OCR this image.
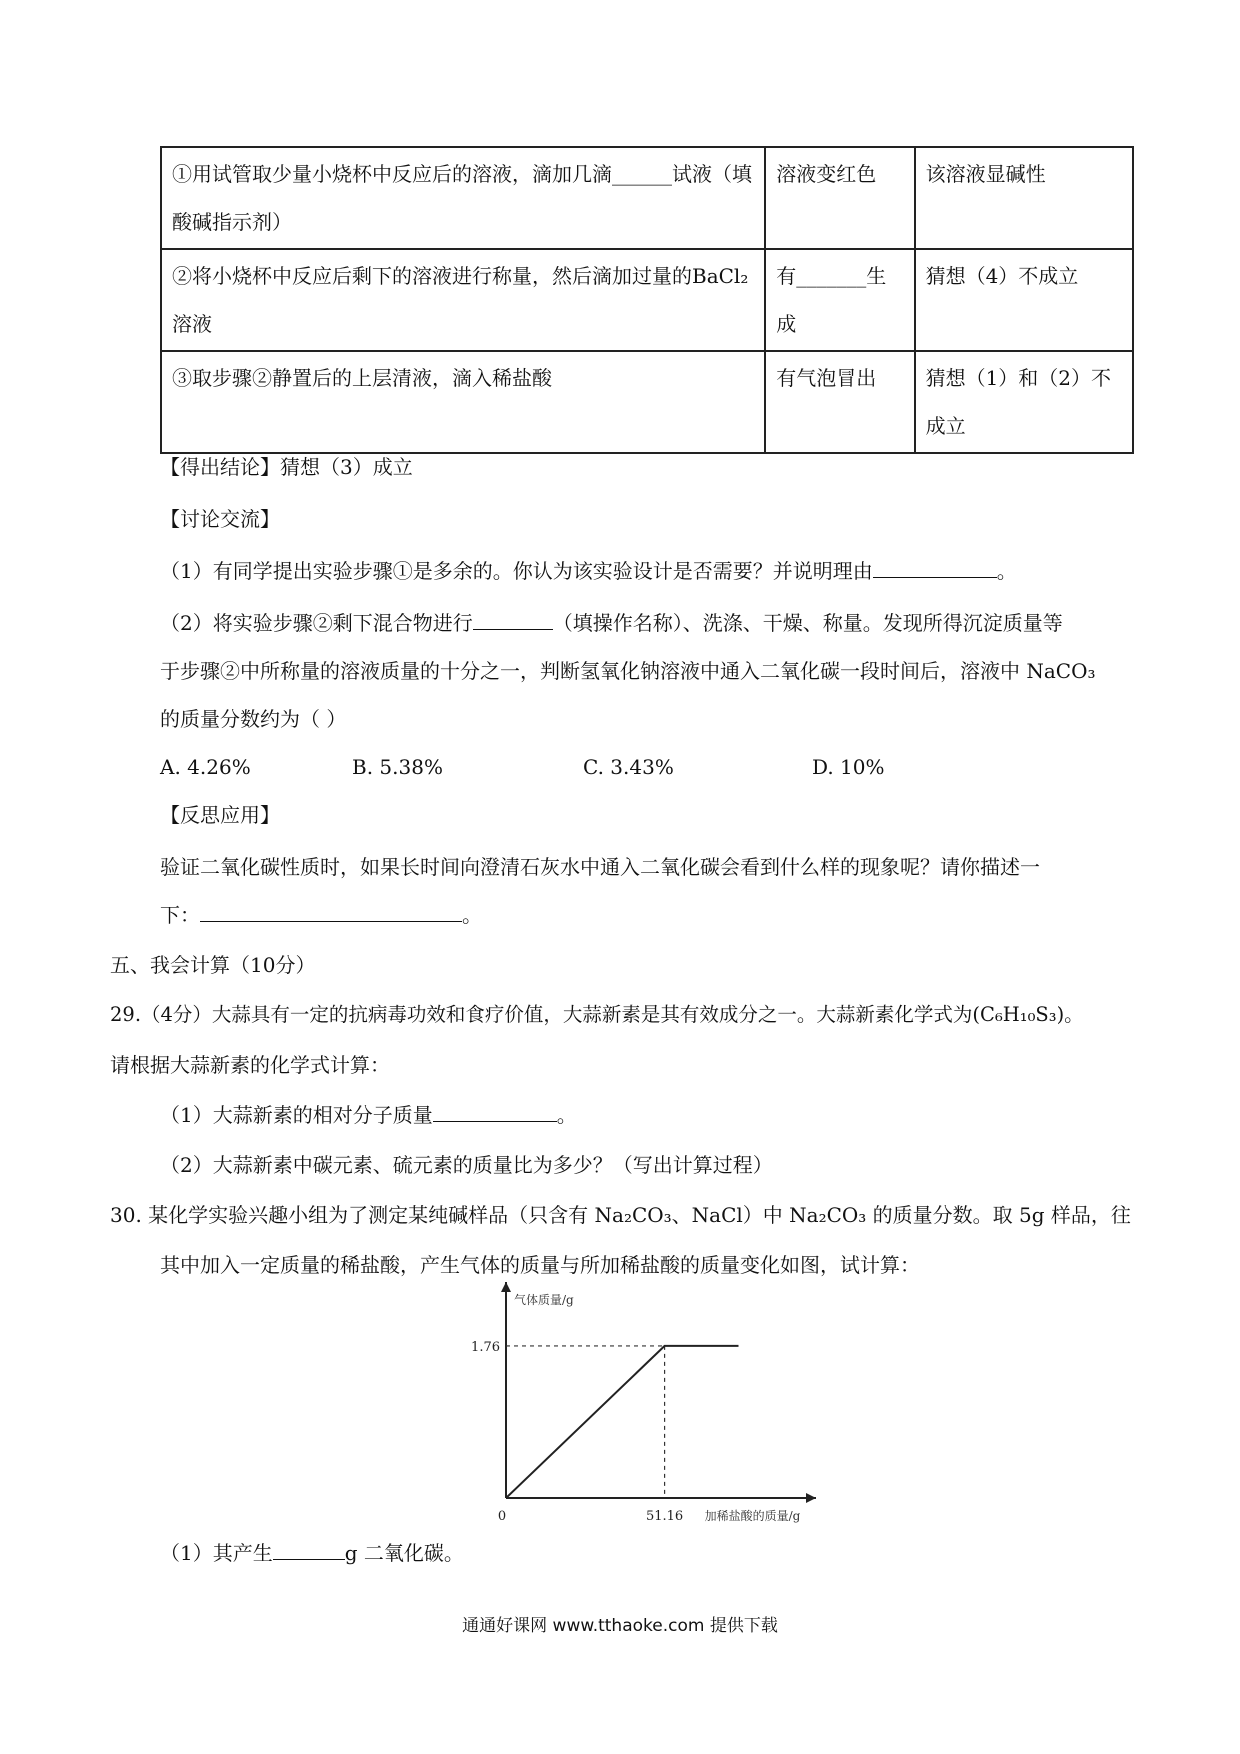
①用试管取少量小烧杯中反应后的溶液，滴加几滴______试液（填酸碱指示剂）	溶液变红色	该溶液显碱性
②将小烧杯中反应后剩下的溶液进行称量，然后滴加过量的BaCl₂溶液	有_______生成	猜想（4）不成立
③取步骤②静置后的上层清液，滴入稀盐酸	有气泡冒出	猜想（1）和（2）不成立
【得出结论】猜想（3）成立
【讨论交流】
（1）有同学提出实验步骤①是多余的。你认为该实验设计是否需要？并说明理由	。
（2）将实验步骤②剩下混合物进行	（填操作名称）、洗涤、干燥、称量。发现所得沉淀质量等
于步骤②中所称量的溶液质量的十分之一，判断氢氧化钠溶液中通入二氧化碳一段时间后，溶液中 NaCO₃
的质量分数约为（ ）
A. 4.26%	B. 5.38%	C. 3.43%	D. 10%
【反思应用】
验证二氧化碳性质时，如果长时间向澄清石灰水中通入二氧化碳会看到什么样的现象呢？请你描述一
下：	。
五、我会计算（10分）
29.（4分）大蒜具有一定的抗病毒功效和食疗价值，大蒜新素是其有效成分之一。大蒜新素化学式为(C₆H₁₀S₃)。
请根据大蒜新素的化学式计算：
（1）大蒜新素的相对分子质量	。
（2）大蒜新素中碳元素、硫元素的质量比为多少？（写出计算过程）
30. 某化学实验兴趣小组为了测定某纯碱样品（只含有 Na₂CO₃、NaCl）中 Na₂CO₃ 的质量分数。取 5g 样品，往
其中加入一定质量的稀盐酸，产生气体的质量与所加稀盐酸的质量变化如图，试计算：
0	51.16
1.76
气体质量/g
加稀盐酸的质量/g
（1）其产生	g 二氧化碳。
通通好课网 www.tthaoke.com 提供下载
